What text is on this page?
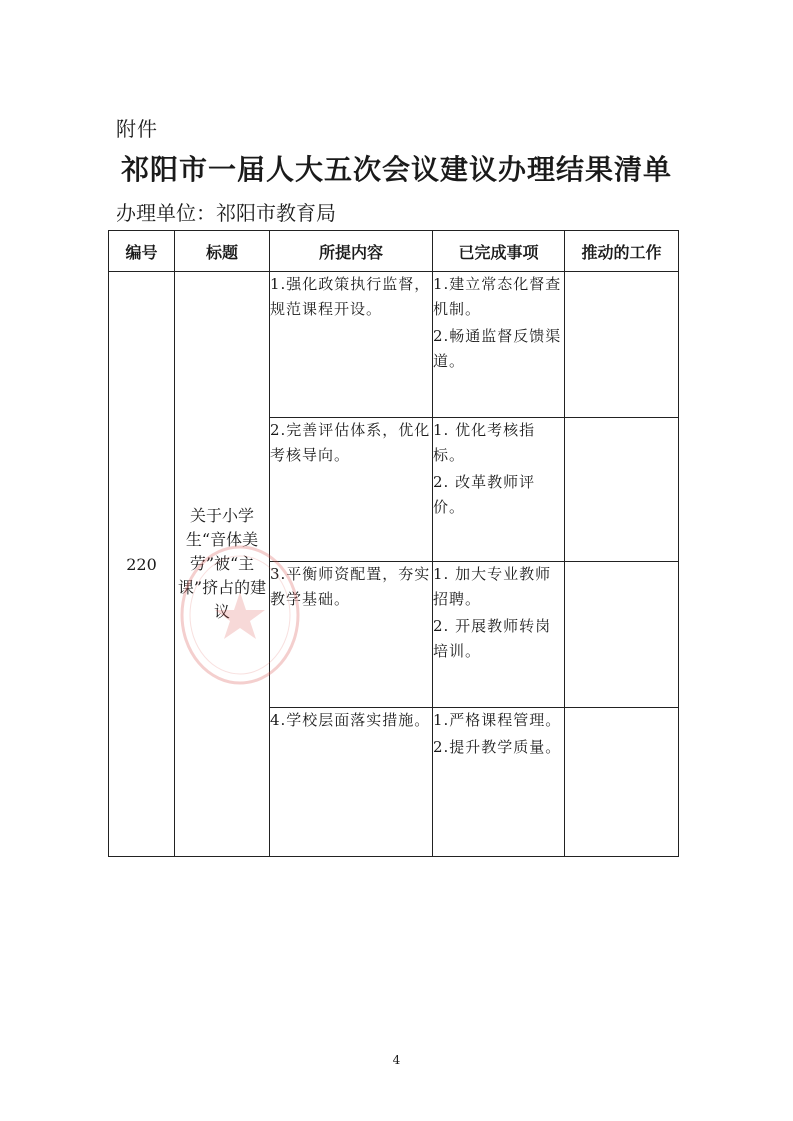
附件
祁阳市一届人大五次会议建议办理结果清单
办理单位：祁阳市教育局
编号	标题	所提内容	已完成事项	推动的工作
220	关于小学生“音体美劳”被“主课”挤占的建议	1.强化政策执行监督，规范课程开设。	1.建立常态化督查机制。
2.畅通监督反馈渠道。	

		2.完善评估体系，优化考核导向。	1. 优化考核指标。
2. 改革教师评价。	

		3.平衡师资配置，夯实教学基础。	1. 加大专业教师招聘。
2. 开展教师转岗培训。	

		4.学校层面落实措施。	1.严格课程管理。
2.提升教学质量。	

4
